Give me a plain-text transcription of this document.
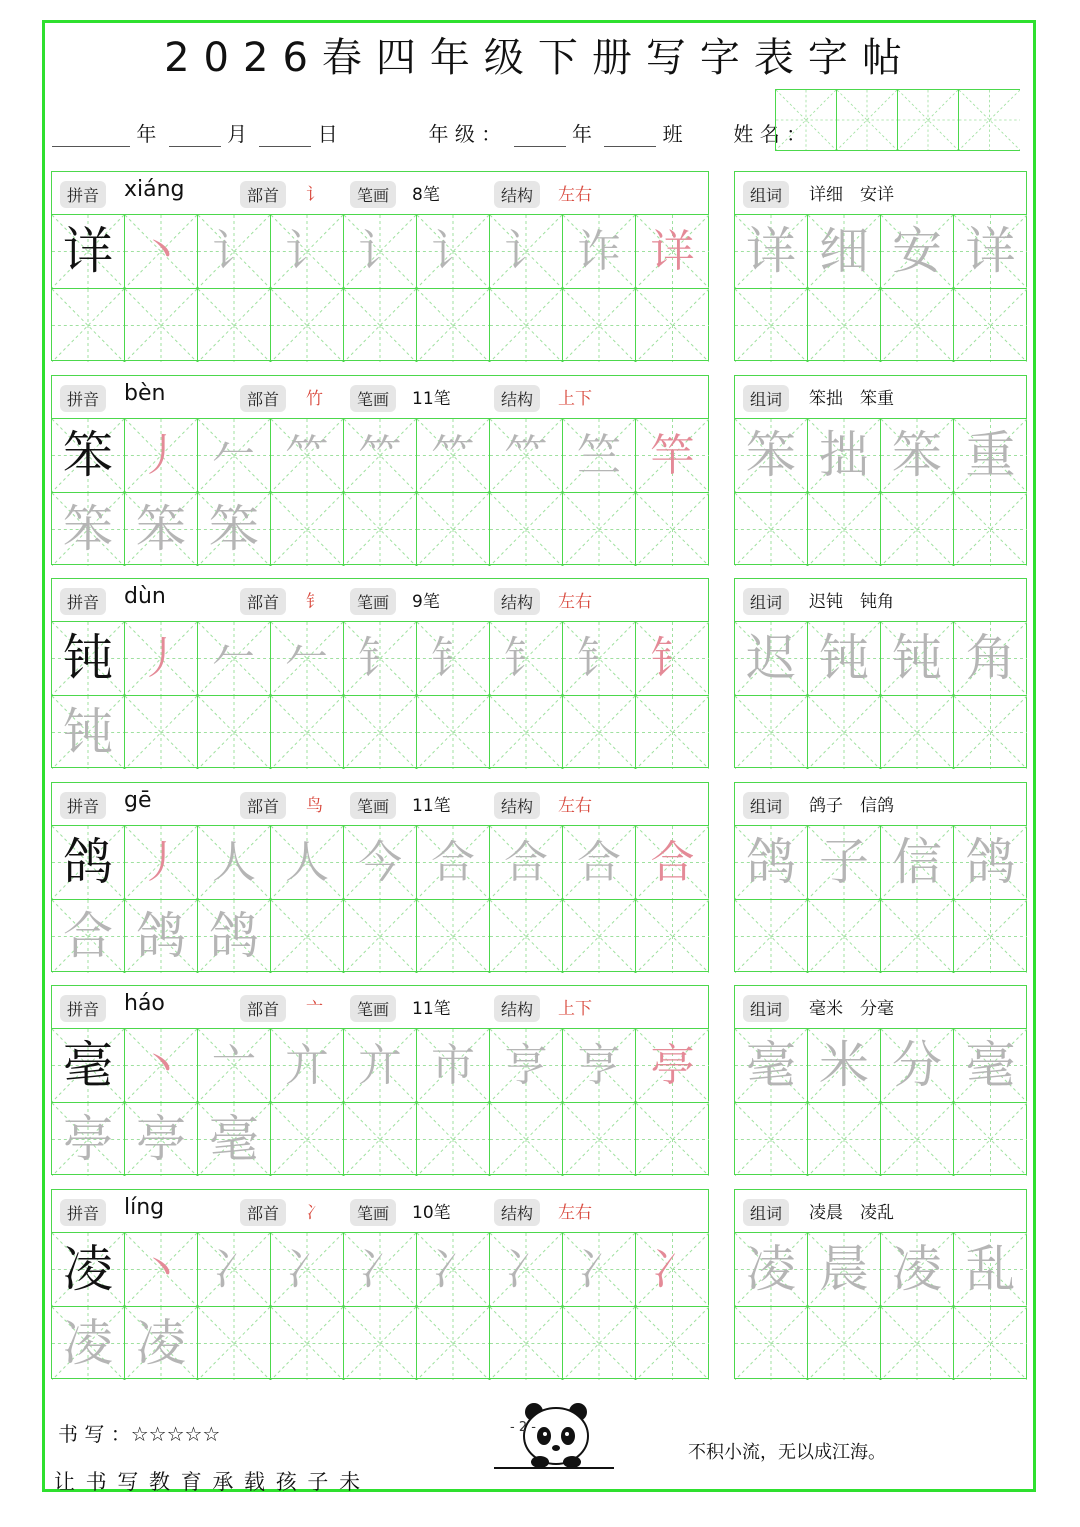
2026春四年级下册写字表字帖
年	月	日	年 级 ：	年	班	姓 名 ：
拼音	xiáng	部首	讠	笔画	8笔	结构	左右
详 丶 讠 讠 讠 讠 讠 诈 详
组词	详细　安详
详 细 安 详
拼音	bèn	部首	竹	笔画	11笔	结构	上下
笨 丿 𠂉 ⺮ ⺮ ⺮ ⺮ 竺 竿
笨 笨 笨
组词	笨拙　笨重
笨 拙 笨 重
拼音	dùn	部首	钅	笔画	9笔	结构	左右
钝 丿 𠂉 𠂉 钅 钅 钅 钅 钅
钝
组词	迟钝　钝角
迟 钝 钝 角
拼音	gē	部首	鸟	笔画	11笔	结构	左右
鸽 丿 人 人 今 合 合 合 合
合 鸽 鸽
组词	鸽子　信鸽
鸽 子 信 鸽
拼音	háo	部首	亠	笔画	11笔	结构	上下
毫 丶 亠 亣 亣 市 亨 亨 亭
亭 亭 毫
组词	毫米　分毫
毫 米 分 毫
拼音	líng	部首	冫	笔画	10笔	结构	左右
凌 丶 冫 冫 冫 冫 冫 冫 冫
凌 凌
组词	凌晨　凌乱
凌 晨 凌 乱
书 写 ：☆☆☆☆☆
让 书 写 教 育 承 载 孩 子 未
不积小流，无以成江海。
- 2 -
